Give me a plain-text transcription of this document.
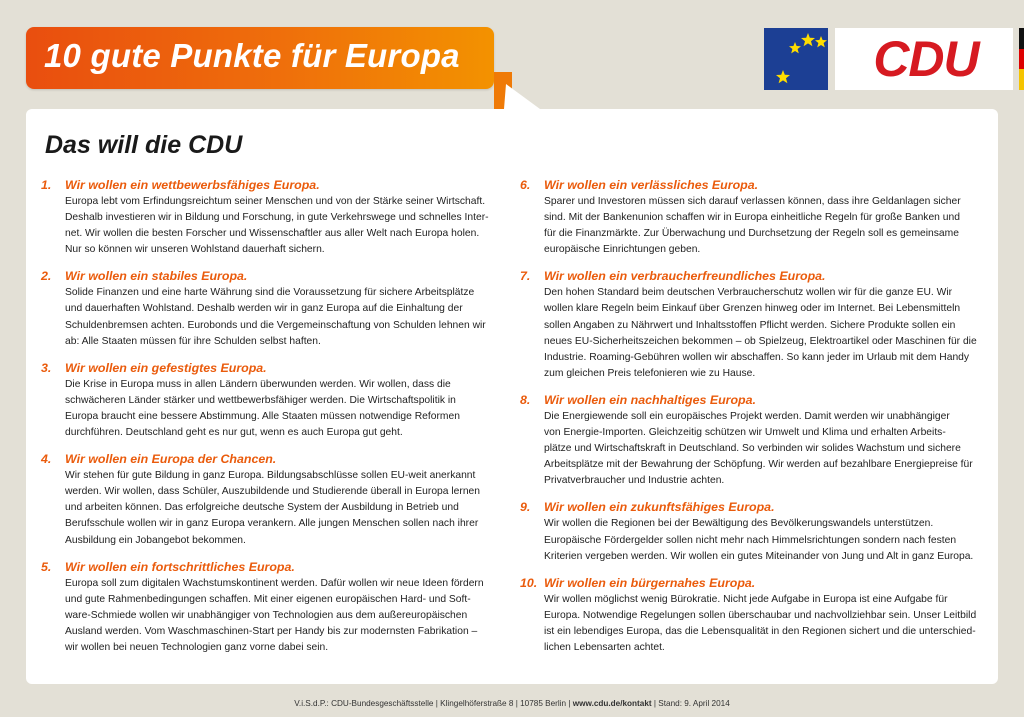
10 gute Punkte für Europa	CDU
Das will die CDU
1.	Wir wollen ein wettbewerbsfähiges Europa.
Europa lebt vom Erfindungsreichtum seiner Menschen und von der Stärke seiner Wirtschaft.
Deshalb investieren wir in Bildung und Forschung, in gute Verkehrswege und schnelles Inter-
net. Wir wollen die besten Forscher und Wissenschaftler aus aller Welt nach Europa holen.
Nur so können wir unseren Wohlstand dauerhaft sichern.
2.	Wir wollen ein stabiles Europa.
Solide Finanzen und eine harte Währung sind die Voraussetzung für sichere Arbeitsplätze
und dauerhaften Wohlstand. Deshalb werden wir in ganz Europa auf die Einhaltung der
Schuldenbremsen achten. Eurobonds und die Vergemeinschaftung von Schulden lehnen wir
ab: Alle Staaten müssen für ihre Schulden selbst haften.
3.	Wir wollen ein gefestigtes Europa.
Die Krise in Europa muss in allen Ländern überwunden werden. Wir wollen, dass die
schwächeren Länder stärker und wettbewerbsfähiger werden. Die Wirtschaftspolitik in
Europa braucht eine bessere Abstimmung. Alle Staaten müssen notwendige Reformen
durchführen. Deutschland geht es nur gut, wenn es auch Europa gut geht.
4.	Wir wollen ein Europa der Chancen.
Wir stehen für gute Bildung in ganz Europa. Bildungsabschlüsse sollen EU-weit anerkannt
werden. Wir wollen, dass Schüler, Auszubildende und Studierende überall in Europa lernen
und arbeiten können. Das erfolgreiche deutsche System der Ausbildung in Betrieb und
Berufsschule wollen wir in ganz Europa verankern. Alle jungen Menschen sollen nach ihrer
Ausbildung ein Jobangebot bekommen.
5.	Wir wollen ein fortschrittliches Europa.
Europa soll zum digitalen Wachstumskontinent werden. Dafür wollen wir neue Ideen fördern
und gute Rahmenbedingungen schaffen. Mit einer eigenen europäischen Hard- und Soft-
ware-Schmiede wollen wir unabhängiger von Technologien aus dem außereuropäischen
Ausland werden. Vom Waschmaschinen-Start per Handy bis zur modernsten Fabrikation –
wir wollen bei neuen Technologien ganz vorne dabei sein.
6.	Wir wollen ein verlässliches Europa.
Sparer und Investoren müssen sich darauf verlassen können, dass ihre Geldanlagen sicher
sind. Mit der Bankenunion schaffen wir in Europa einheitliche Regeln für große Banken und
für die Finanzmärkte. Zur Überwachung und Durchsetzung der Regeln soll es gemeinsame
europäische Einrichtungen geben.
7.	Wir wollen ein verbraucherfreundliches Europa.
Den hohen Standard beim deutschen Verbraucherschutz wollen wir für die ganze EU. Wir
wollen klare Regeln beim Einkauf über Grenzen hinweg oder im Internet. Bei Lebensmitteln
sollen Angaben zu Nährwert und Inhaltsstoffen Pflicht werden. Sichere Produkte sollen ein
neues EU-Sicherheitszeichen bekommen – ob Spielzeug, Elektroartikel oder Maschinen für die
Industrie. Roaming-Gebühren wollen wir abschaffen. So kann jeder im Urlaub mit dem Handy
zum gleichen Preis telefonieren wie zu Hause.
8.	Wir wollen ein nachhaltiges Europa.
Die Energiewende soll ein europäisches Projekt werden. Damit werden wir unabhängiger
von Energie-Importen. Gleichzeitig schützen wir Umwelt und Klima und erhalten Arbeits-
plätze und Wirtschaftskraft in Deutschland. So verbinden wir solides Wachstum und sichere
Arbeitsplätze mit der Bewahrung der Schöpfung. Wir werden auf bezahlbare Energiepreise für
Privatverbraucher und Industrie achten.
9.	Wir wollen ein zukunftsfähiges Europa.
Wir wollen die Regionen bei der Bewältigung des Bevölkerungswandels unterstützen.
Europäische Fördergelder sollen nicht mehr nach Himmelsrichtungen sondern nach festen
Kriterien vergeben werden. Wir wollen ein gutes Miteinander von Jung und Alt in ganz Europa.
10. Wir wollen ein bürgernahes Europa.
Wir wollen möglichst wenig Bürokratie. Nicht jede Aufgabe in Europa ist eine Aufgabe für
Europa. Notwendige Regelungen sollen überschaubar und nachvollziehbar sein. Unser Leitbild
ist ein lebendiges Europa, das die Lebensqualität in den Regionen sichert und die unterschied-
lichen Lebensarten achtet.
V.i.S.d.P.: CDU-Bundesgeschäftsstelle | Klingelhöferstraße 8 | 10785 Berlin | www.cdu.de/kontakt | Stand: 9. April 2014
